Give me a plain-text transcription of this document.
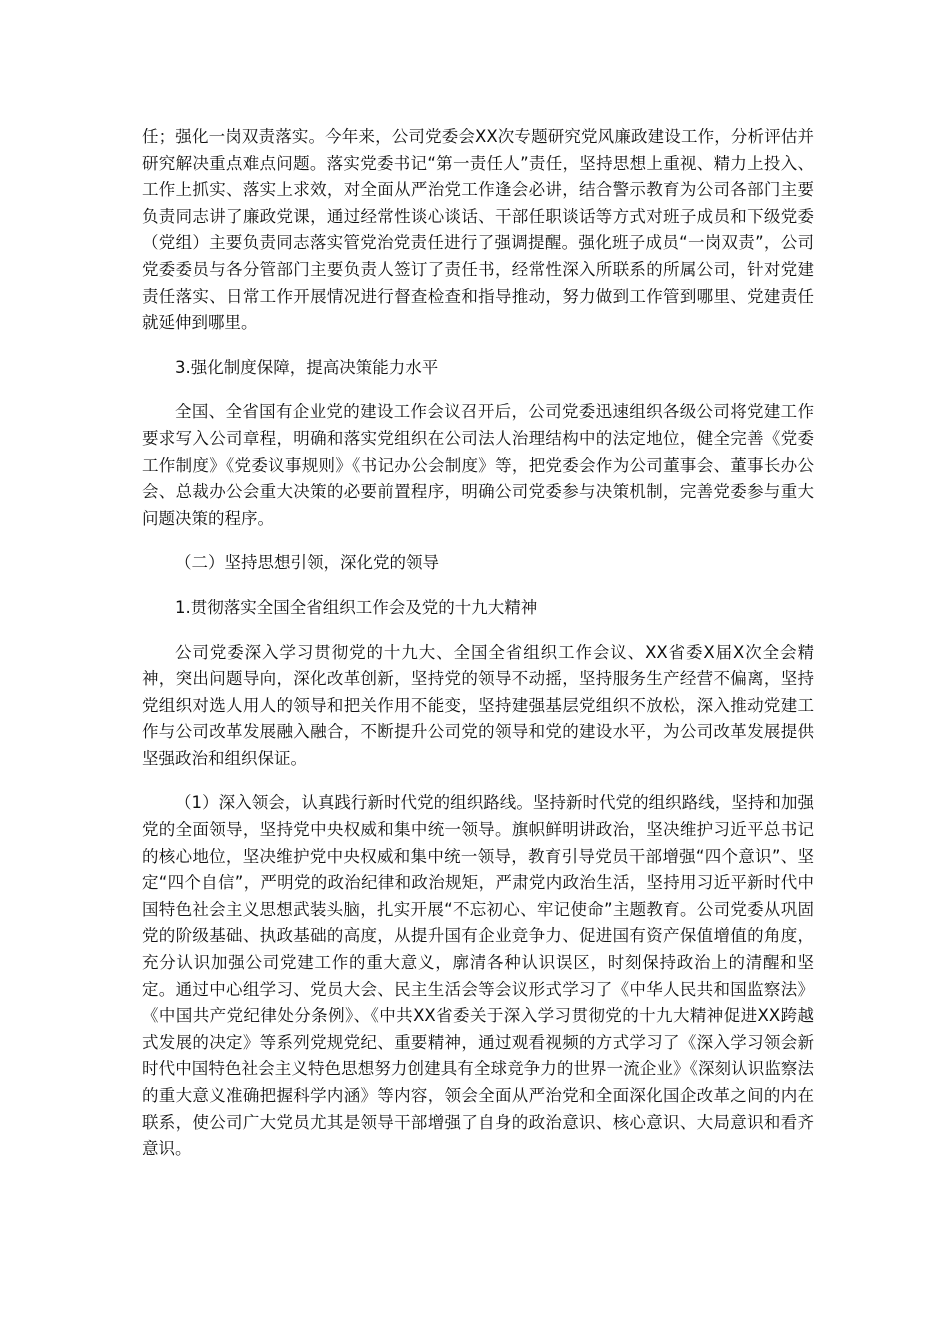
任；强化一岗双责落实。今年来，公司党委会XX次专题研究党风廉政建设工作，分析评估并研究解决重点难点问题。落实党委书记“第一责任人”责任，坚持思想上重视、精力上投入、工作上抓实、落实上求效，对全面从严治党工作逢会必讲，结合警示教育为公司各部门主要负责同志讲了廉政党课，通过经常性谈心谈话、干部任职谈话等方式对班子成员和下级党委（党组）主要负责同志落实管党治党责任进行了强调提醒。强化班子成员“一岗双责”，公司党委委员与各分管部门主要负责人签订了责任书，经常性深入所联系的所属公司，针对党建责任落实、日常工作开展情况进行督查检查和指导推动，努力做到工作管到哪里、党建责任就延伸到哪里。

3.强化制度保障，提高决策能力水平

全国、全省国有企业党的建设工作会议召开后，公司党委迅速组织各级公司将党建工作要求写入公司章程，明确和落实党组织在公司法人治理结构中的法定地位，健全完善《党委工作制度》《党委议事规则》《书记办公会制度》等，把党委会作为公司董事会、董事长办公会、总裁办公会重大决策的必要前置程序，明确公司党委参与决策机制，完善党委参与重大问题决策的程序。

（二）坚持思想引领，深化党的领导

1.贯彻落实全国全省组织工作会及党的十九大精神

公司党委深入学习贯彻党的十九大、全国全省组织工作会议、XX省委X届X次全会精神，突出问题导向，深化改革创新，坚持党的领导不动摇，坚持服务生产经营不偏离，坚持党组织对选人用人的领导和把关作用不能变，坚持建强基层党组织不放松，深入推动党建工作与公司改革发展融入融合，不断提升公司党的领导和党的建设水平，为公司改革发展提供坚强政治和组织保证。

（1）深入领会，认真践行新时代党的组织路线。坚持新时代党的组织路线，坚持和加强党的全面领导，坚持党中央权威和集中统一领导。旗帜鲜明讲政治，坚决维护习近平总书记的核心地位，坚决维护党中央权威和集中统一领导，教育引导党员干部增强“四个意识”、坚定“四个自信”，严明党的政治纪律和政治规矩，严肃党内政治生活，坚持用习近平新时代中国特色社会主义思想武装头脑，扎实开展“不忘初心、牢记使命”主题教育。公司党委从巩固党的阶级基础、执政基础的高度，从提升国有企业竞争力、促进国有资产保值增值的角度，充分认识加强公司党建工作的重大意义，廓清各种认识误区，时刻保持政治上的清醒和坚定。通过中心组学习、党员大会、民主生活会等会议形式学习了《中华人民共和国监察法》《中国共产党纪律处分条例》、《中共XX省委关于深入学习贯彻党的十九大精神促进XX跨越式发展的决定》等系列党规党纪、重要精神，通过观看视频的方式学习了《深入学习领会新时代中国特色社会主义特色思想努力创建具有全球竞争力的世界一流企业》《深刻认识监察法的重大意义准确把握科学内涵》等内容，领会全面从严治党和全面深化国企改革之间的内在联系，使公司广大党员尤其是领导干部增强了自身的政治意识、核心意识、大局意识和看齐意识。
